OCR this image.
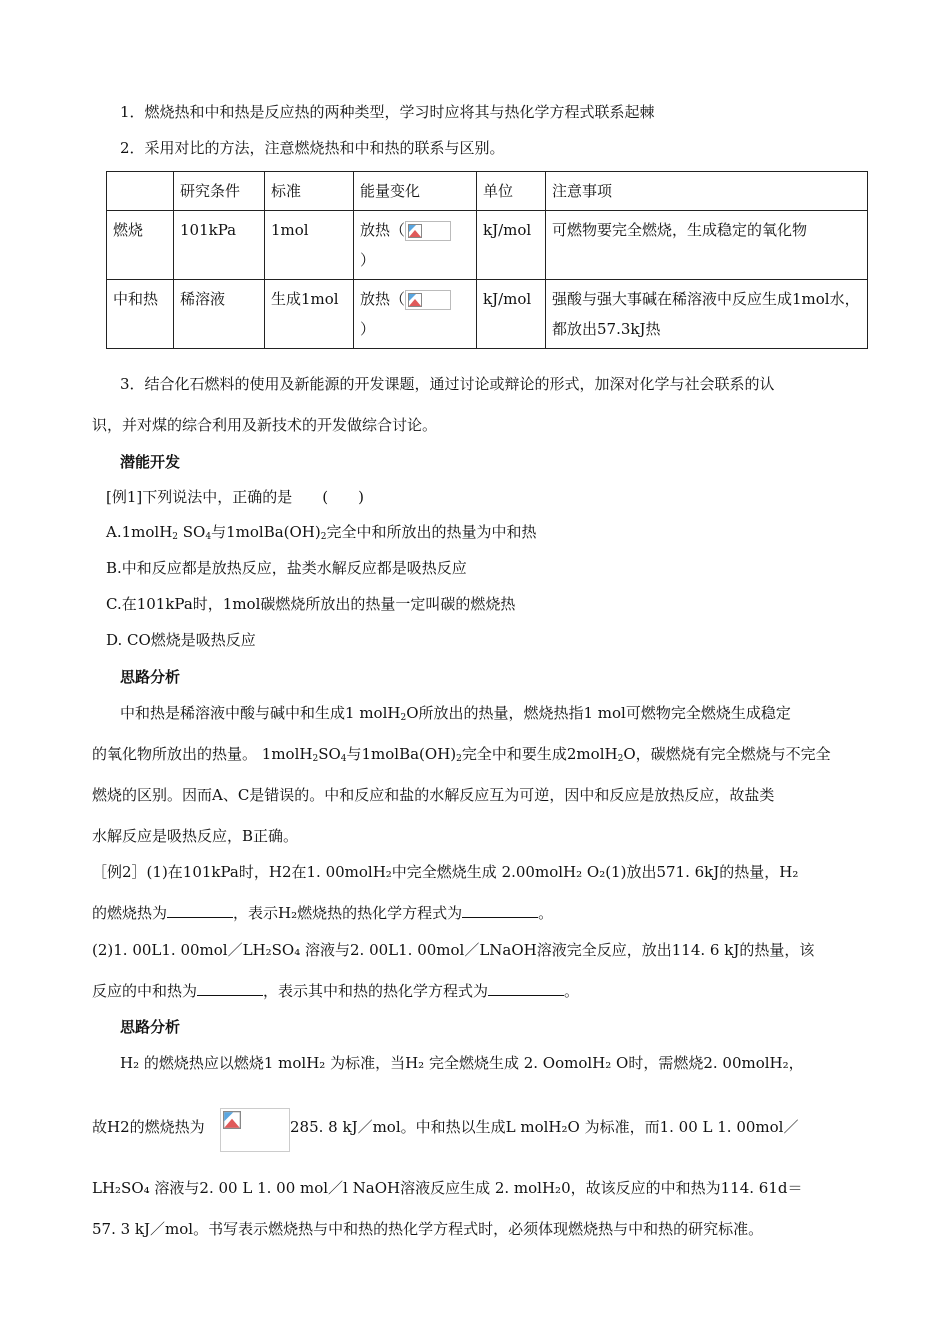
1．燃烧热和中和热是反应热的两种类型，学习时应将其与热化学方程式联系起棘
2．采用对比的方法，注意燃烧热和中和热的联系与区别。
	研究条件	标准	能量变化	单位	注意事项
燃烧	101kPa	1mol	放热（

）	kJ/mol	可燃物要完全燃烧，生成稳定的氧化物
中和热	稀溶液	生成1mol	放热（

）	kJ/mol	强酸与强大事碱在稀溶液中反应生成1mol水，都放出57.3kJ热
3．结合化石燃料的使用及新能源的开发课题，通过讨论或辩论的形式，加深对化学与社会联系的认
识，并对煤的综合利用及新技术的开发做综合讨论。
潜能开发
[例1]下列说法中，正确的是　　(　　)
A.1molH$_2$ $SO_4$与$1molBa(OH)_2$完全中和所放出的热量为中和热
B.中和反应都是放热反应，盐类水解反应都是吸热反应
C.在101kPa时，1mol碳燃烧所放出的热量一定叫碳的燃烧热
D. CO燃烧是吸热反应
思路分析
中和热是稀溶液中酸与碱中和生成1 molH$_2$O所放出的热量，燃烧热指1 mol可燃物完全燃烧生成稳定
的氧化物所放出的热量。 $1molH_2SO_4$与$1molBa(OH)_2$完全中和要生成2molH$_2$O，碳燃烧有完全燃烧与不完全
燃烧的区别。因而A、C是错误的。中和反应和盐的水解反应互为可逆，因中和反应是放热反应，故盐类
水解反应是吸热反应，B正确。
［例2］(1)在101kPa时，H2在1. 00molH₂中完全燃烧生成 2.00molH₂ O₂(1)放出571. 6kJ的热量，H₂
的燃烧热为	，表示H₂燃烧热的热化学方程式为	。
(2)1. 00L1. 00mol／LH₂SO₄ 溶液与2. 00L1. 00mol／LNaOH溶液完全反应，放出114. 6 kJ的热量，该
反应的中和热为	，表示其中和热的热化学方程式为	。
思路分析
H₂ 的燃烧热应以燃烧1 molH₂ 为标准，当H₂ 完全燃烧生成 2. OomolH₂ O时，需燃烧2. 00molH₂，
故H2的燃烧热为	285. 8 kJ／mol。中和热以生成L molH₂O 为标准，而1. 00 L 1. 00mol／
LH₂SO₄ 溶液与2. 00 L 1. 00 mol／l NaOH溶液反应生成 2. molH₂0，故该反应的中和热为114. 61d＝
57. 3 kJ／mol。书写表示燃烧热与中和热的热化学方程式时，必须体现燃烧热与中和热的研究标准。
